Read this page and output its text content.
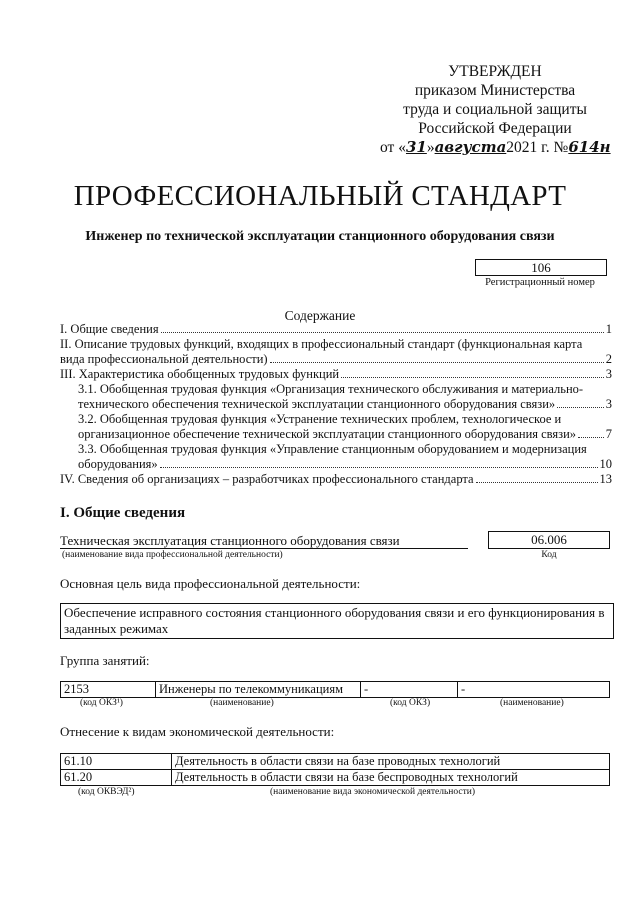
УТВЕРЖДЕН
приказом Министерства
труда и социальной защиты
Российской Федерации
от «31»августа2021 г. №614н
ПРОФЕССИОНАЛЬНЫЙ СТАНДАРТ
Инженер по технической эксплуатации станционного оборудования связи
106
Регистрационный номер
Содержание
I. Общие сведения	1
II. Описание трудовых функций, входящих в профессиональный стандарт (функциональная карта
вида профессиональной деятельности)	2
III. Характеристика обобщенных трудовых функций	3
3.1. Обобщенная трудовая функция «Организация технического обслуживания и материально-
технического обеспечения технической эксплуатации станционного оборудования связи»	3
3.2. Обобщенная трудовая функция «Устранение технических проблем, технологическое и
организационное обеспечение технической эксплуатации станционного оборудования связи» 7
3.3. Обобщенная трудовая функция «Управление станционным оборудованием и модернизация
оборудования»	10
IV. Сведения об организациях – разработчиках профессионального стандарта	13
I. Общие сведения
Техническая эксплуатация станционного оборудования связи
(наименование вида профессиональной деятельности)
06.006
Код
Основная цель вида профессиональной деятельности:
Обеспечение исправного состояния станционного оборудования связи и его функционирования в заданных режимах
Группа занятий:
2153	Инженеры по телекоммуникациям	-	-
(код ОКЗ¹)	(наименование)	(код ОКЗ)	(наименование)
Отнесение к видам экономической деятельности:
61.10	Деятельность в области связи на базе проводных технологий
61.20	Деятельность в области связи на базе беспроводных технологий
(код ОКВЭД²)	(наименование вида экономической деятельности)
